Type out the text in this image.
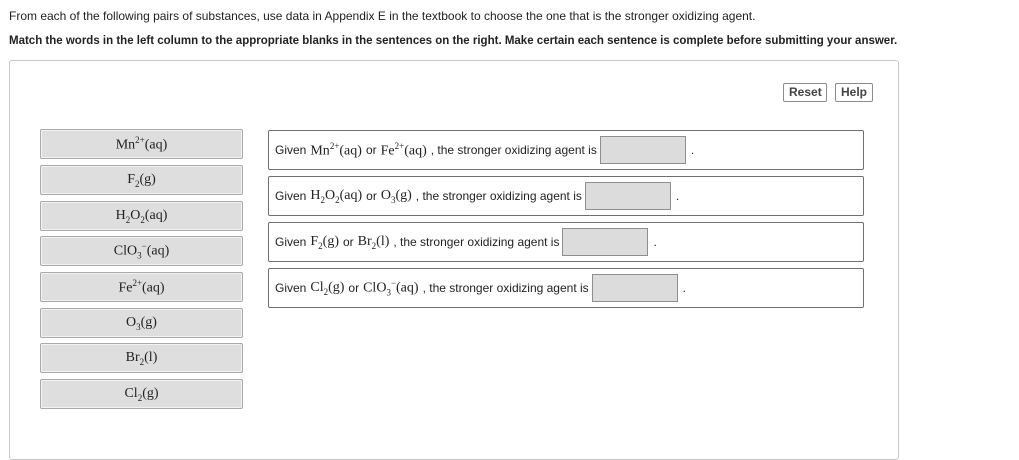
From each of the following pairs of substances, use data in Appendix E in the textbook to choose the one that is the stronger oxidizing agent.
Match the words in the left column to the appropriate blanks in the sentences on the right. Make certain each sentence is complete before submitting your answer.
Reset	Help
$Mn^{2+}(aq)$
$F_2(g)$
$H_2O_2(aq)$
ClO$_3$−(aq)
$Fe^{2+}(aq)$
$O_3(g)$
$Br_2(l)$
$Cl_2(g)$
Given $Mn^{2+}(aq)$ or $Fe^{2+}(aq)$ , the stronger oxidizing agent is	.
Given $H_2O_2(aq)$ or $O_3(g)$ , the stronger oxidizing agent is	.
Given $F_2(g)$ or $Br_2(l)$ , the stronger oxidizing agent is	.
Given $Cl_2(g)$ or ClO$_3$−(aq) , the stronger oxidizing agent is	.
